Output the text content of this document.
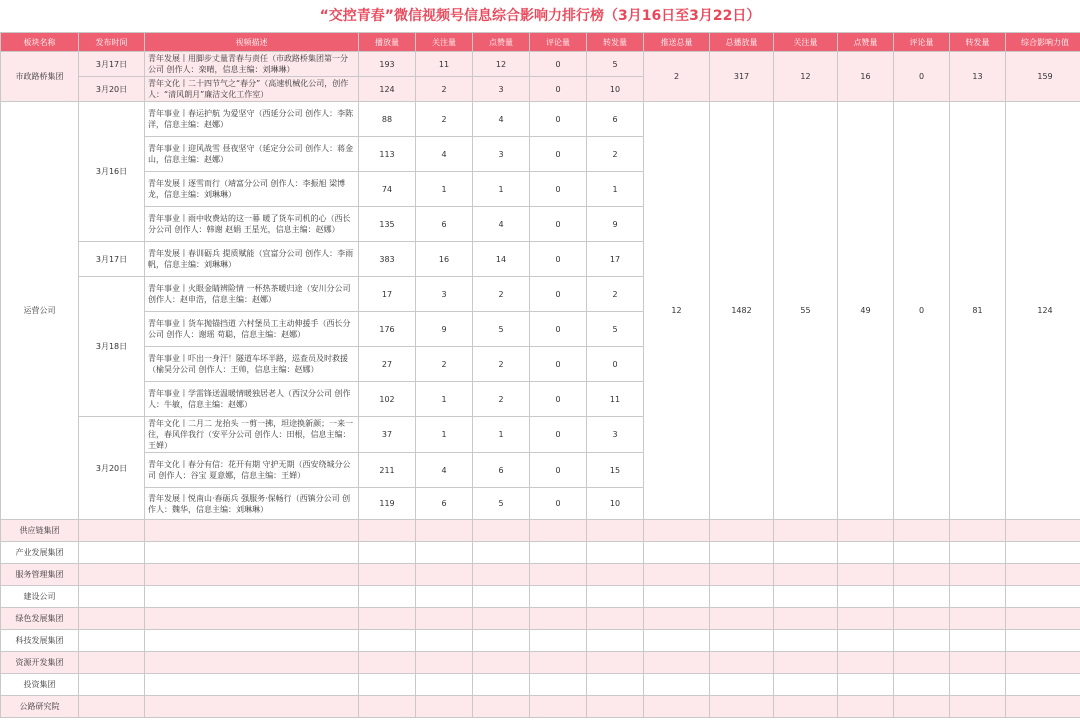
“交控青春”微信视频号信息综合影响力排行榜（3月16日至3月22日）
板块名称	发布时间	视频描述	播放量	关注量	点赞量	评论量	转发量	推送总量	总播放量	关注量	点赞量	评论量	转发量	综合影响力值
市政路桥集团	3月17日	青年发展丨用脚步丈量青春与责任（市政路桥集团第一分公司 创作人：栾晴，信息主编：刘琳琳）	193	11	12	0	5	2	317	12	16	0	13	159
	3月20日	青年文化丨二十四节气之“春分”（高速机械化公司，创作人：“清风朗月”廉洁文化工作室）	124	2	3	0	10							
运营公司	3月16日	青年事业丨春运护航 为爱坚守（西延分公司 创作人：李陈洋，信息主编：赵娜）	88	2	4	0	6	12	1482	55	49	0	81	124
		青年事业丨迎风战雪 昼夜坚守（延定分公司 创作人：蒋金山，信息主编：赵娜）	113	4	3	0	2							
		青年发展丨逐雪而行（靖富分公司 创作人：李振旭 梁博龙，信息主编：刘琳琳）	74	1	1	0	1							
		青年事业丨雨中收费站的这一幕 暖了货车司机的心（西长分公司 创作人：韩谢 赵娟 王星光，信息主编：赵娜）	135	6	4	0	9							
	3月17日	青年发展丨春训砺兵 提质赋能（宜富分公司 创作人：李雨帆，信息主编：刘琳琳）	383	16	14	0	17							
	3月18日	青年事业丨火眼金睛辨险情 一杯热茶暖归途（安川分公司 创作人：赵申浩，信息主编：赵娜）	17	3	2	0	2							
		青年事业丨货车抛锚挡道 六村堡员工主动伸援手（西长分公司 创作人：谢瑶 苟聪，信息主编：赵娜）	176	9	5	0	5							
		青年事业丨吓出一身汗！隧道车坏半路，巡查员及时救援（榆昊分公司 创作人：王帅，信息主编：赵娜）	27	2	2	0	0							
		青年事业丨学雷锋送温暖情暖独居老人（西汉分公司 创作人：牛敏，信息主编：赵娜）	102	1	2	0	11							
	3月20日	青年文化丨二月二 龙抬头 一剪一拂，坦途换新颜；一来一往，春风伴我行（安平分公司 创作人：田根，信息主编：王婵）	37	1	1	0	3							
		青年文化丨春分有信：花开有期 守护无期（西安绕城分公司 创作人：谷宝 夏意娜，信息主编：王婵）	211	4	6	0	15							
		青年发展丨悦南山·春砺兵 强服务·保畅行（西镇分公司 创作人：魏华，信息主编：刘琳琳）	119	6	5	0	10							
供应链集团														
产业发展集团														
服务管理集团														
建设公司														
绿色发展集团														
科技发展集团														
资源开发集团														
投资集团														
公路研究院														
